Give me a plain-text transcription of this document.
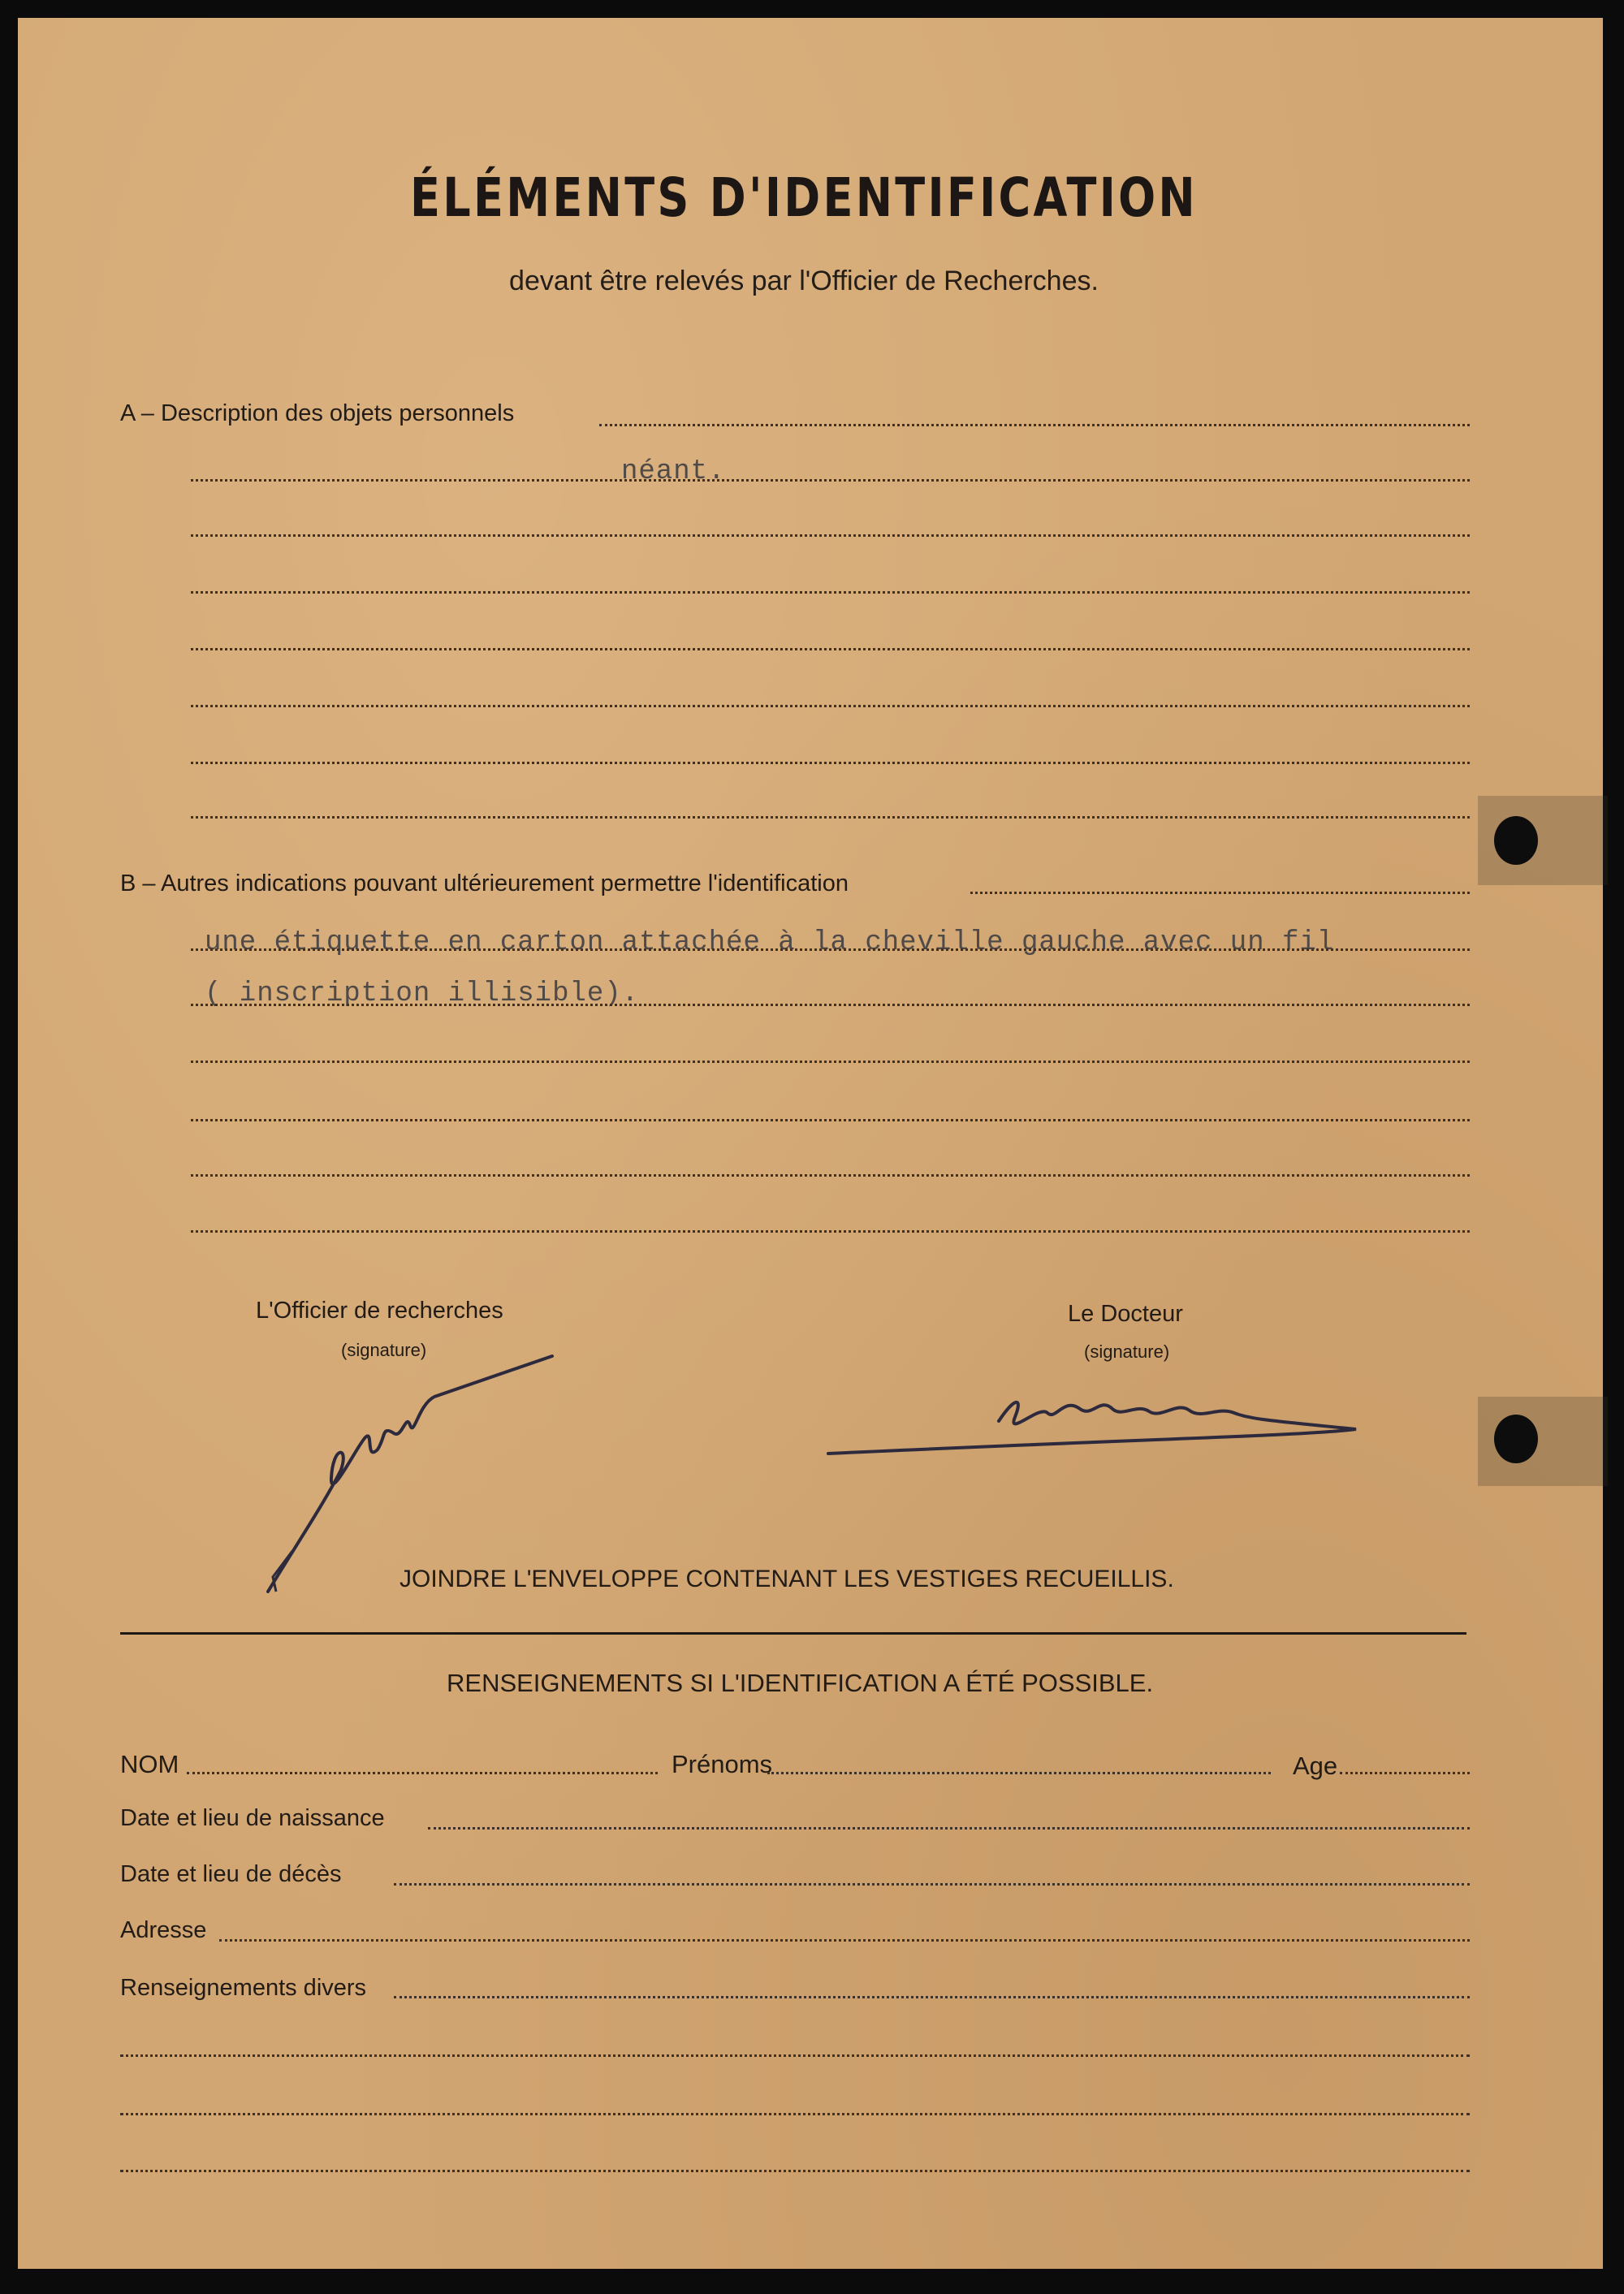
ÉLÉMENTS D'IDENTIFICATION
devant être relevés par l'Officier de Recherches.
A – Description des objets personnels
néant.
B – Autres indications pouvant ultérieurement permettre l'identification
une étiquette en carton attachée à la cheville gauche avec un fil
( inscription illisible).
L'Officier de recherches
(signature)
Le Docteur
(signature)
JOINDRE L'ENVELOPPE CONTENANT LES VESTIGES RECUEILLIS.
RENSEIGNEMENTS SI L'IDENTIFICATION A ÉTÉ POSSIBLE.
NOM	Prénoms	Age
Date et lieu de naissance
Date et lieu de décès
Adresse
Renseignements divers
